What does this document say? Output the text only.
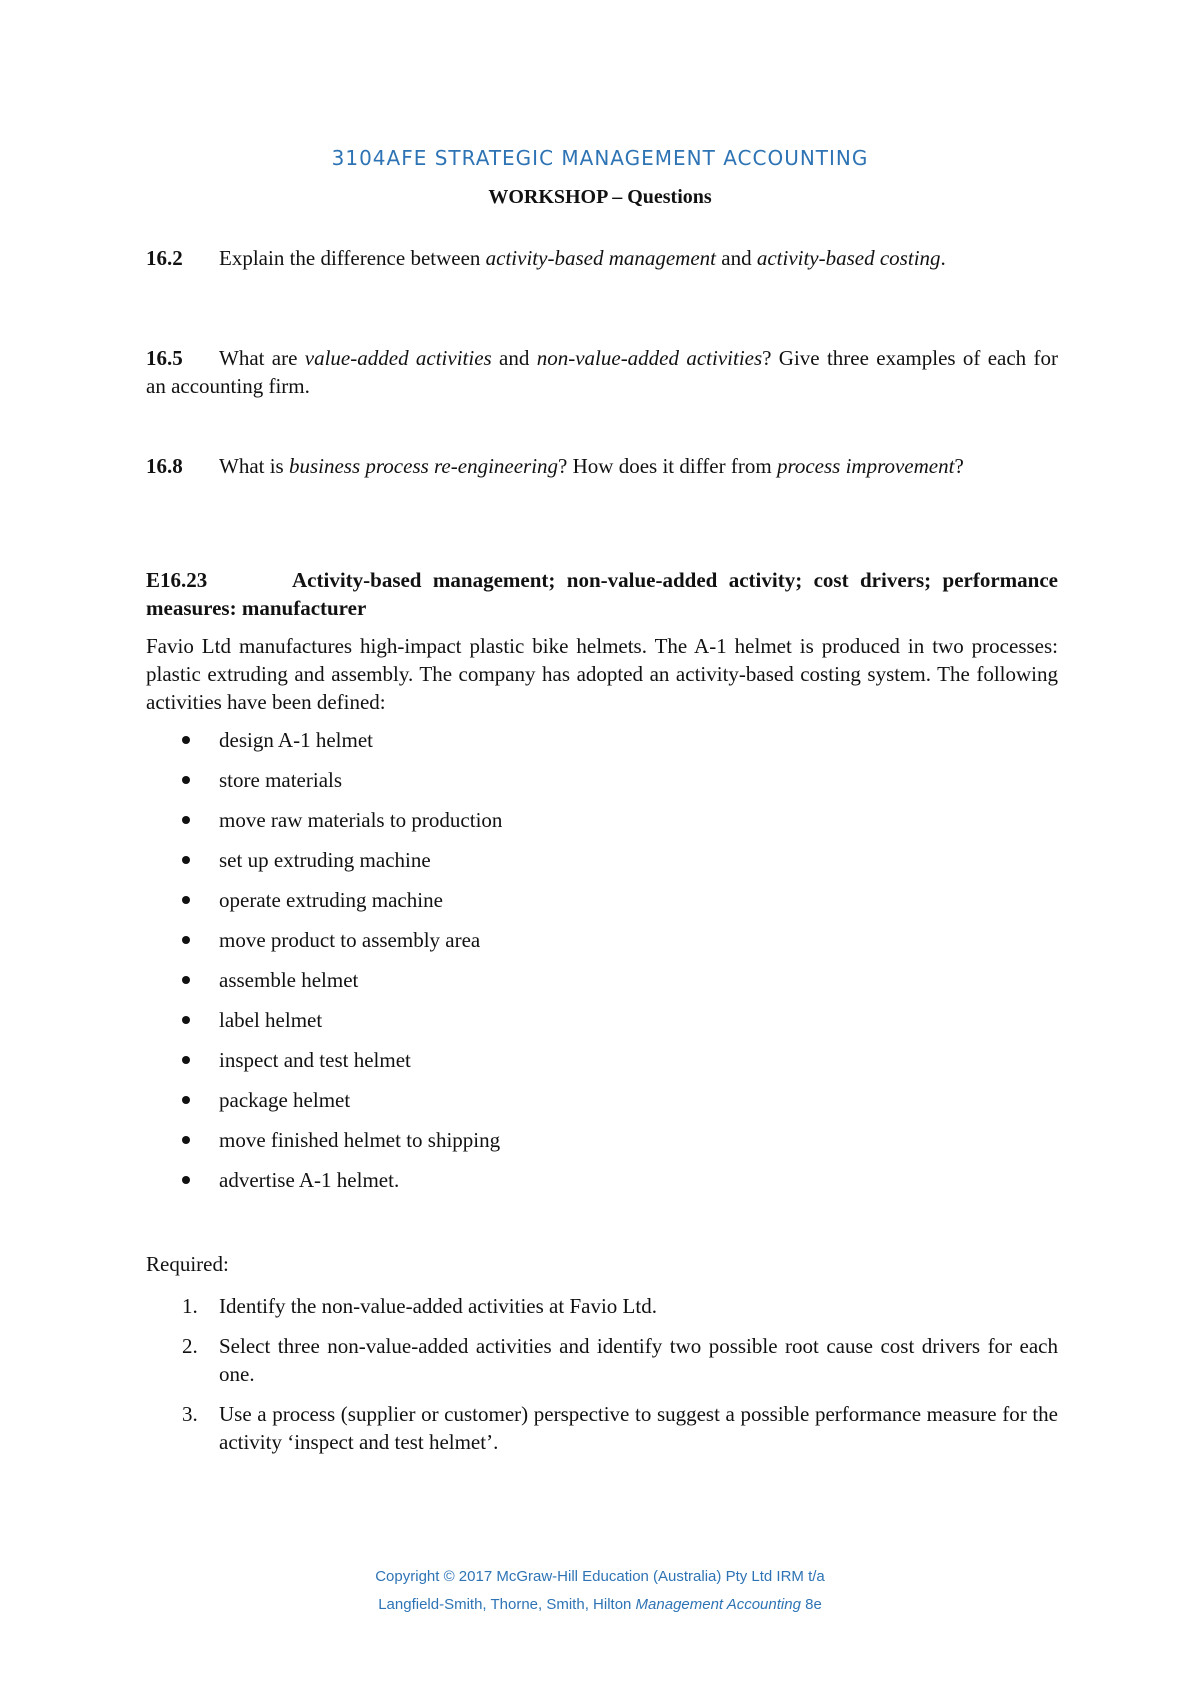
3104AFE STRATEGIC MANAGEMENT ACCOUNTING
WORKSHOP – Questions
16.2 Explain the difference between activity-based management and activity-based costing.
16.5 What are value-added activities and non-value-added activities? Give three examples of each for an accounting firm.
16.8 What is business process re-engineering? How does it differ from process improvement?
E16.23	Activity-based management; non-value-added activity; cost drivers; performance measures: manufacturer
Favio Ltd manufactures high-impact plastic bike helmets. The A-1 helmet is produced in two processes: plastic extruding and assembly. The company has adopted an activity-based costing system. The following activities have been defined:
design A-1 helmet
store materials
move raw materials to production
set up extruding machine
operate extruding machine
move product to assembly area
assemble helmet
label helmet
inspect and test helmet
package helmet
move finished helmet to shipping
advertise A-1 helmet.
Required:
1. Identify the non-value-added activities at Favio Ltd.
2. Select three non-value-added activities and identify two possible root cause cost drivers for each one.
3. Use a process (supplier or customer) perspective to suggest a possible performance measure for the activity ‘inspect and test helmet’.
Copyright © 2017 McGraw-Hill Education (Australia) Pty Ltd IRM t/a
Langfield-Smith, Thorne, Smith, Hilton Management Accounting 8e
